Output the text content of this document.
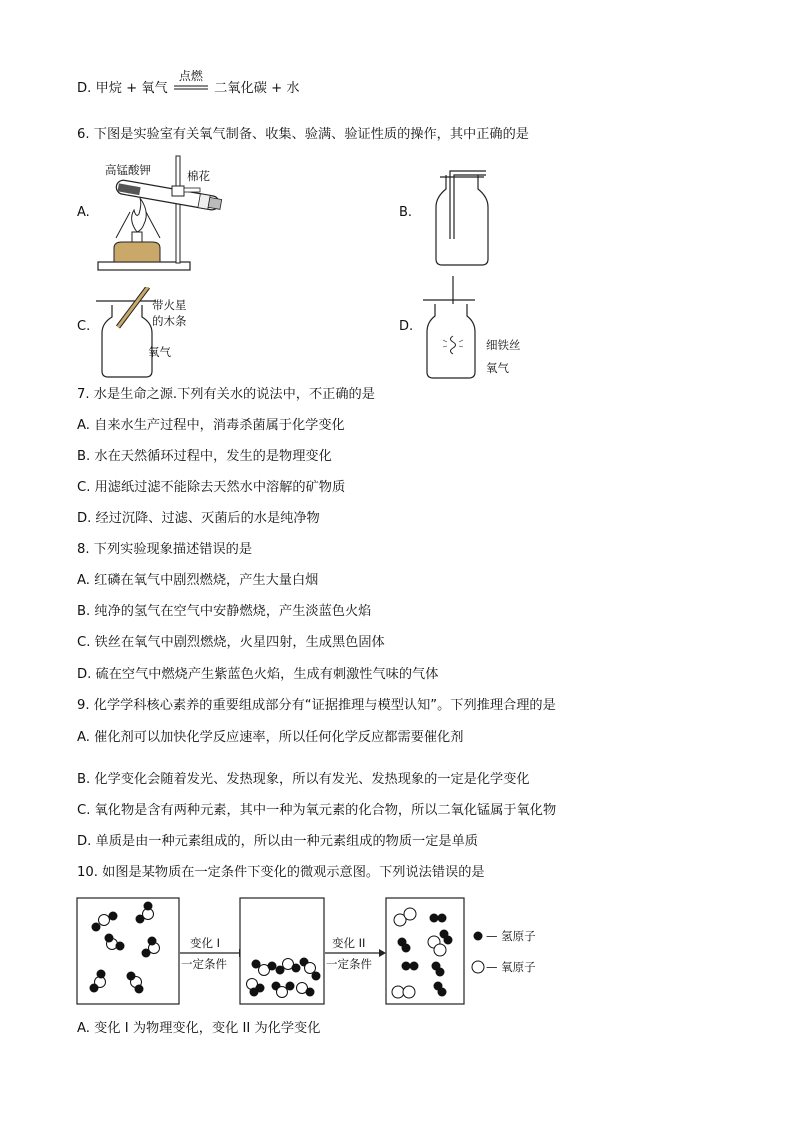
D. 甲烷 + 氧气
点燃
二氧化碳 + 水
6. 下图是实验室有关氧气制备、收集、验满、验证性质的操作，其中正确的是
A.
高锰酸钾	棉花
B.
C.
带火星
的木条
氧气
D.
细铁丝
氧气
7. 水是生命之源.下列有关水的说法中，不正确的是
A. 自来水生产过程中，消毒杀菌属于化学变化
B. 水在天然循环过程中，发生的是物理变化
C. 用滤纸过滤不能除去天然水中溶解的矿物质
D. 经过沉降、过滤、灭菌后的水是纯净物
8. 下列实验现象描述错误的是
A. 红磷在氧气中剧烈燃烧，产生大量白烟
B. 纯净的氢气在空气中安静燃烧，产生淡蓝色火焰
C. 铁丝在氧气中剧烈燃烧，火星四射，生成黑色固体
D. 硫在空气中燃烧产生紫蓝色火焰，生成有刺激性气味的气体
9. 化学学科核心素养的重要组成部分有“证据推理与模型认知”。下列推理合理的是
A. 催化剂可以加快化学反应速率，所以任何化学反应都需要催化剂
B. 化学变化会随着发光、发热现象，所以有发光、发热现象的一定是化学变化
C. 氧化物是含有两种元素，其中一种为氧元素的化合物，所以二氧化锰属于氧化物
D. 单质是由一种元素组成的，所以由一种元素组成的物质一定是单质
10. 如图是某物质在一定条件下变化的微观示意图。下列说法错误的是
变化 I
一定条件
变化 II
一定条件
— 氢原子
— 氧原子
A. 变化 I 为物理变化，变化 II 为化学变化
